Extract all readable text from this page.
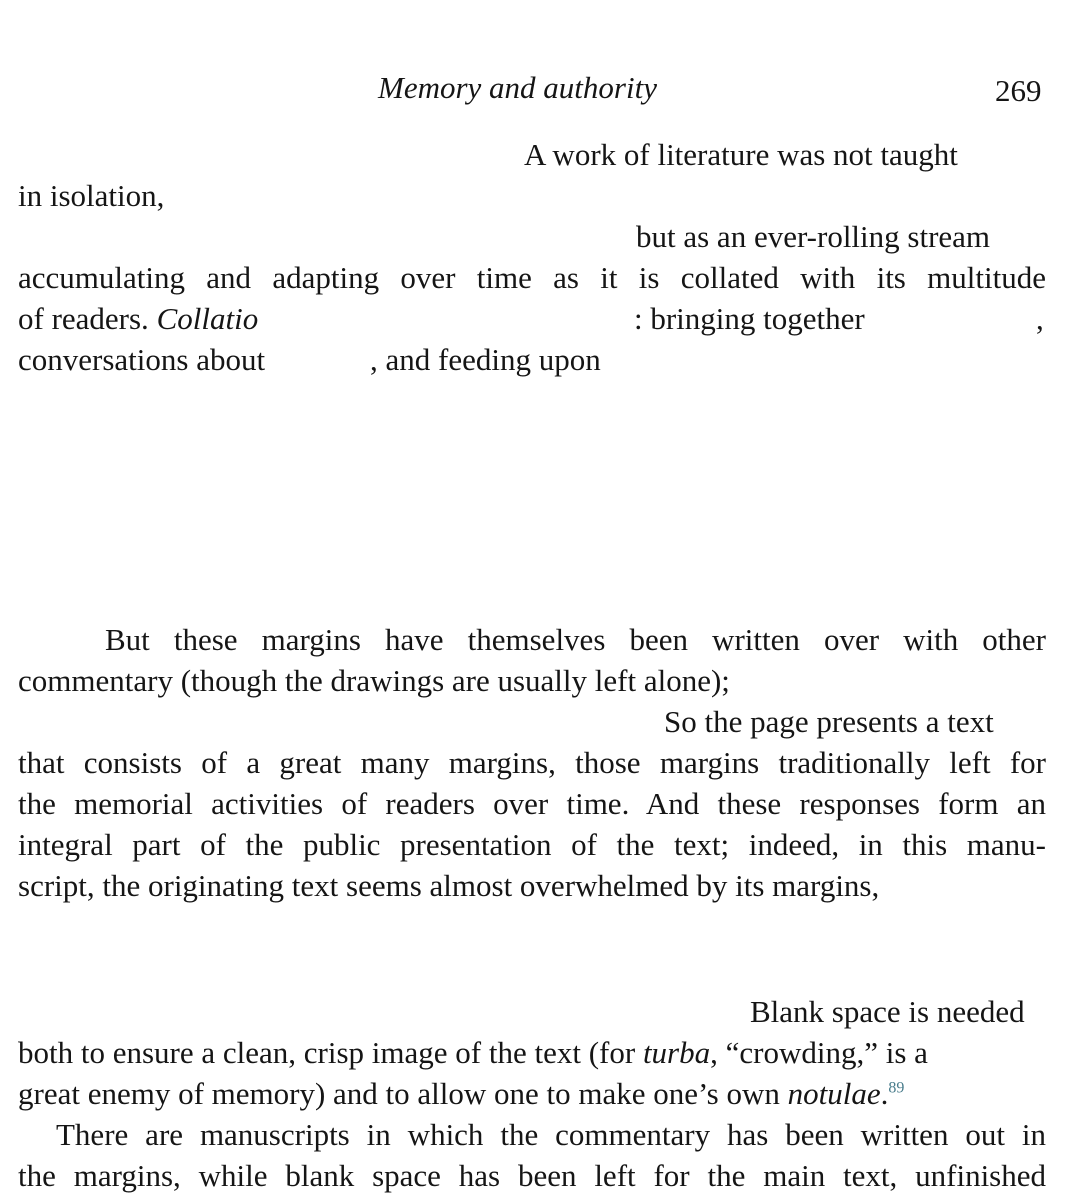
Memory and authority	269
A work of literature was not taught
in isolation,
but as an ever-rolling stream
accumulating and adapting over time as it is collated with its multitude
of readers. Collatio	: bringing together	,
conversations about	, and feeding upon
But these margins have themselves been written over with other
commentary (though the drawings are usually left alone);
So the page presents a text
that consists of a great many margins, those margins traditionally left for
the memorial activities of readers over time. And these responses form an
integral part of the public presentation of the text; indeed, in this manu-
script, the originating text seems almost overwhelmed by its margins,
Blank space is needed
both to ensure a clean, crisp image of the text (for turba, “crowding,” is a
great enemy of memory) and to allow one to make one’s own notulae.$^{89}$
There are manuscripts in which the commentary has been written out in
the margins, while blank space has been left for the main text, unfinished
